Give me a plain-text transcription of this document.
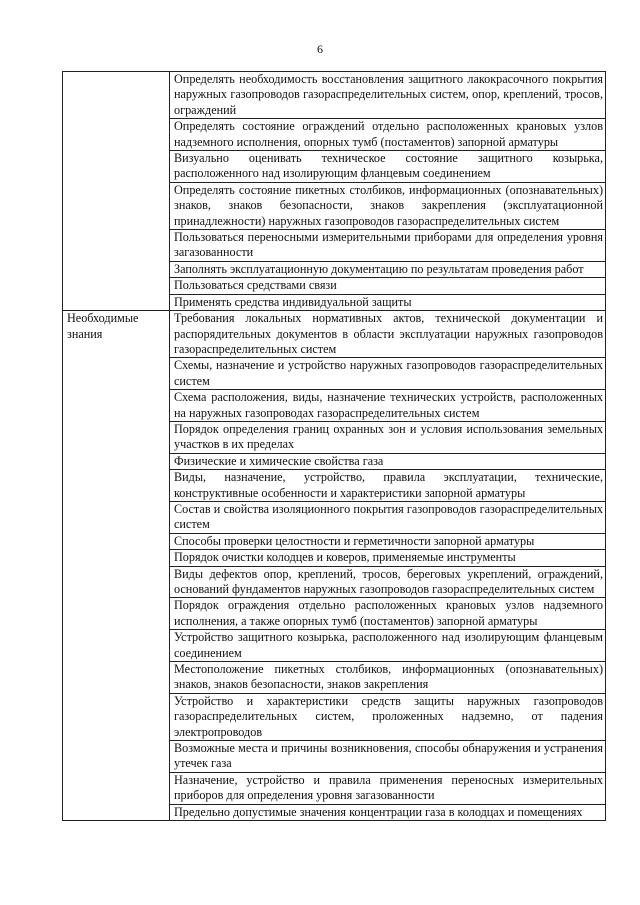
6
	Определять необходимость восстановления защитного лакокрасочного покрытия наружных газопроводов газораспределительных систем, опор, креплений, тросов, ограждений
	Определять состояние ограждений отдельно расположенных крановых узлов надземного исполнения, опорных тумб (постаментов) запорной арматуры
	Визуально оценивать техническое состояние защитного козырька, расположенного над изолирующим фланцевым соединением
	Определять состояние пикетных столбиков, информационных (опознавательных) знаков, знаков безопасности, знаков закрепления (эксплуатационной принадлежности) наружных газопроводов газораспределительных систем
	Пользоваться переносными измерительными приборами для определения уровня загазованности
	Заполнять эксплуатационную документацию по результатам проведения работ
	Пользоваться средствами связи
	Применять средства индивидуальной защиты
Необходимые знания	Требования локальных нормативных актов, технической документации и распорядительных документов в области эксплуатации наружных газопроводов газораспределительных систем
	Схемы, назначение и устройство наружных газопроводов газораспределительных систем
	Схема расположения, виды, назначение технических устройств, расположенных на наружных газопроводах газораспределительных систем
	Порядок определения границ охранных зон и условия использования земельных участков в их пределах
	Физические и химические свойства газа
	Виды, назначение, устройство, правила эксплуатации, технические, конструктивные особенности и характеристики запорной арматуры
	Состав и свойства изоляционного покрытия газопроводов газораспределительных систем
	Способы проверки целостности и герметичности запорной арматуры
	Порядок очистки колодцев и коверов, применяемые инструменты
	Виды дефектов опор, креплений, тросов, береговых укреплений, ограждений, оснований фундаментов наружных газопроводов газораспределительных систем
	Порядок ограждения отдельно расположенных крановых узлов надземного исполнения, а также опорных тумб (постаментов) запорной арматуры
	Устройство защитного козырька, расположенного над изолирующим фланцевым соединением
	Местоположение пикетных столбиков, информационных (опознавательных) знаков, знаков безопасности, знаков закрепления
	Устройство и характеристики средств защиты наружных газопроводов газораспределительных систем, проложенных надземно, от падения электропроводов
	Возможные места и причины возникновения, способы обнаружения и устранения утечек газа
	Назначение, устройство и правила применения переносных измерительных приборов для определения уровня загазованности
	Предельно допустимые значения концентрации газа в колодцах и помещениях
